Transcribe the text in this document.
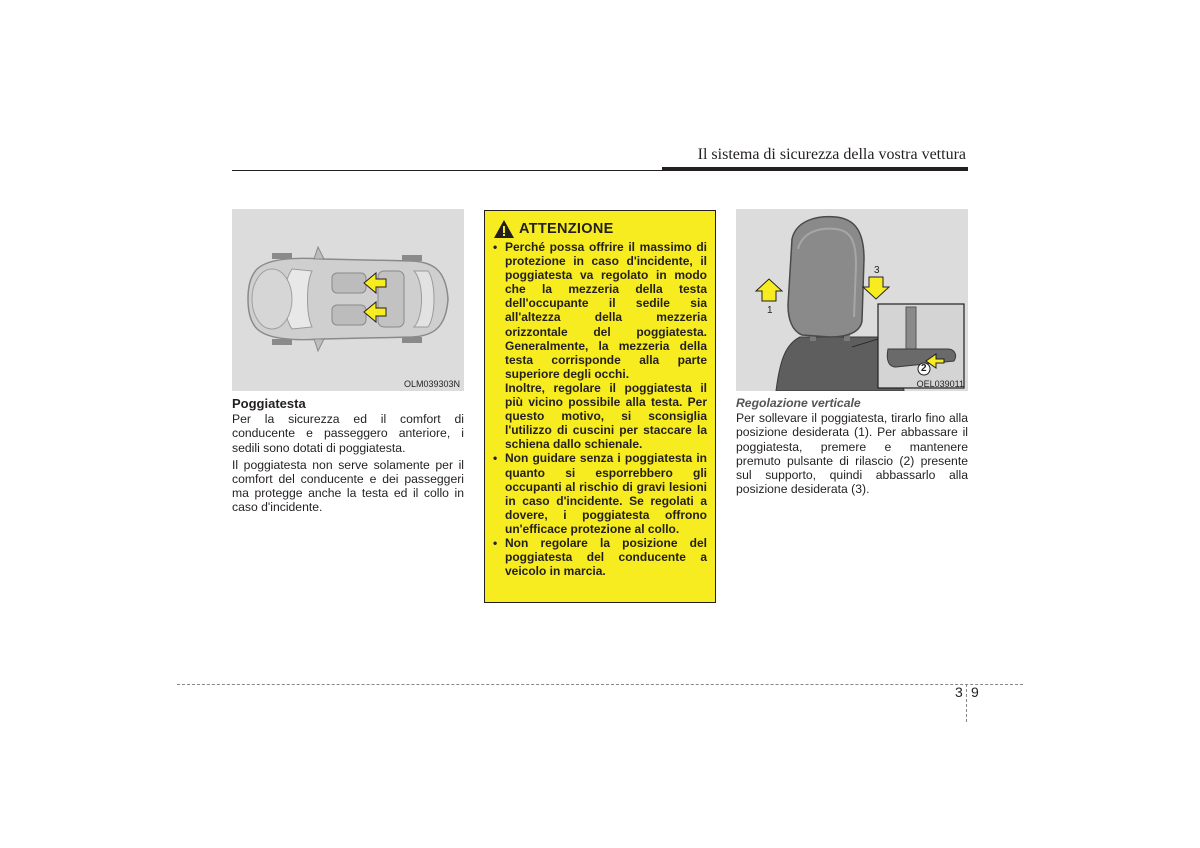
Il sistema di sicurezza della vostra vettura
OLM039303N

Poggiatesta

Per la sicurezza ed il comfort di conducente e passeggero anteriore, i sedili sono dotati di poggiatesta.

Il poggiatesta non serve solamente per il comfort del conducente e dei passeggeri ma protegge anche la testa ed il collo in caso d'incidente.

ATTENZIONE
• Perché possa offrire il massimo di protezione in caso d'incidente, il poggiatesta va regolato in modo che la mezzeria della testa dell'occupante il sedile sia all'altezza della mezzeria orizzontale del poggiatesta. Generalmente, la mezzeria della testa corrisponde alla parte superiore degli occhi.

Inoltre, regolare il poggiatesta il più vicino possibile alla testa. Per questo motivo, si sconsiglia l'utilizzo di cuscini per staccare la schiena dallo schienale.

• Non guidare senza i poggiatesta in quanto si esporrebbero gli occupanti al rischio di gravi lesioni in caso d'incidente. Se regolati a dovere, i poggiatesta offrono un'efficace protezione al collo.

• Non regolare la posizione del poggiatesta del conducente a veicolo in marcia.

1
3
2
OEL039011

Regolazione verticale

Per sollevare il poggiatesta, tirarlo fino alla posizione desiderata (1). Per abbassare il poggiatesta, premere e mantenere premuto pulsante di rilascio (2) presente sul supporto, quindi abbassarlo alla posizione desiderata (3).

3 9
